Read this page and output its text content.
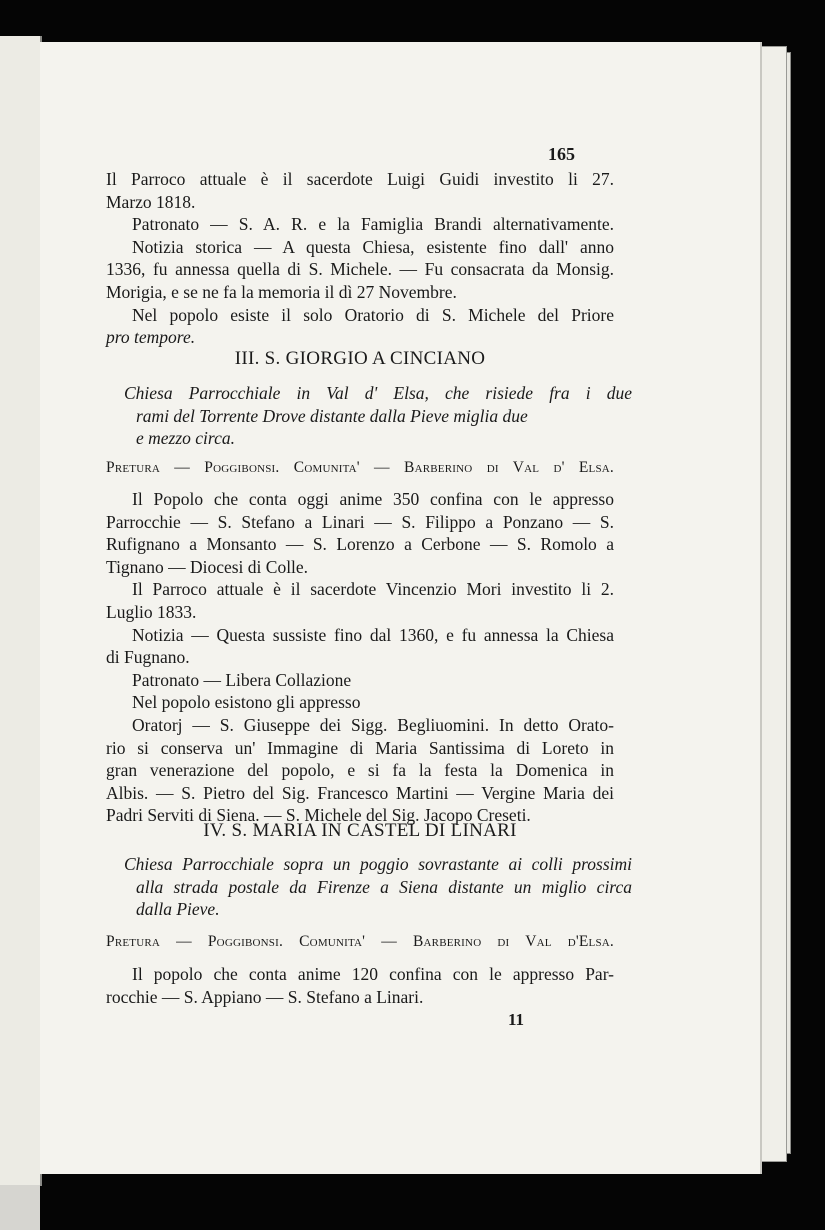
165

Il Parroco attuale è il sacerdote Luigi Guidi investito li 27.

Marzo 1818.

Patronato — S. A. R. e la Famiglia Brandi alternativamente.

Notizia storica — A questa Chiesa, esistente fino dall' anno

1336, fu annessa quella di S. Michele. — Fu consacrata da Monsig.

Morigia, e se ne fa la memoria il dì 27 Novembre.

Nel popolo esiste il solo Oratorio di S. Michele del Priore

pro tempore.

III. S. GIORGIO A CINCIANO

Chiesa Parrocchiale in Val d' Elsa, che risiede fra i due

rami del Torrente Drove distante dalla Pieve miglia due

e mezzo circa.

Pretura — Poggibonsi. Comunita' — Barberino di Val d' Elsa.

Il Popolo che conta oggi anime 350 confina con le appresso

Parrocchie — S. Stefano a Linari — S. Filippo a Ponzano — S.

Rufignano a Monsanto — S. Lorenzo a Cerbone — S. Romolo a

Tignano — Diocesi di Colle.

Il Parroco attuale è il sacerdote Vincenzio Mori investito li 2.

Luglio 1833.

Notizia — Questa sussiste fino dal 1360, e fu annessa la Chiesa

di Fugnano.

Patronato — Libera Collazione

Nel popolo esistono gli appresso

Oratorj — S. Giuseppe dei Sigg. Begliuomini. In detto Orato-

rio si conserva un' Immagine di Maria Santissima di Loreto in

gran venerazione del popolo, e si fa la festa la Domenica in

Albis. — S. Pietro del Sig. Francesco Martini — Vergine Maria dei

Padri Serviti di Siena. — S. Michele del Sig. Jacopo Creseti.

IV. S. MARIA IN CASTEL DI LINARI

Chiesa Parrocchiale sopra un poggio sovrastante ai colli prossimi

alla strada postale da Firenze a Siena distante un miglio circa

dalla Pieve.

Pretura — Poggibonsi. Comunita' — Barberino di Val d'Elsa.

Il popolo che conta anime 120 confina con le appresso Par-

rocchie — S. Appiano — S. Stefano a Linari.

11
